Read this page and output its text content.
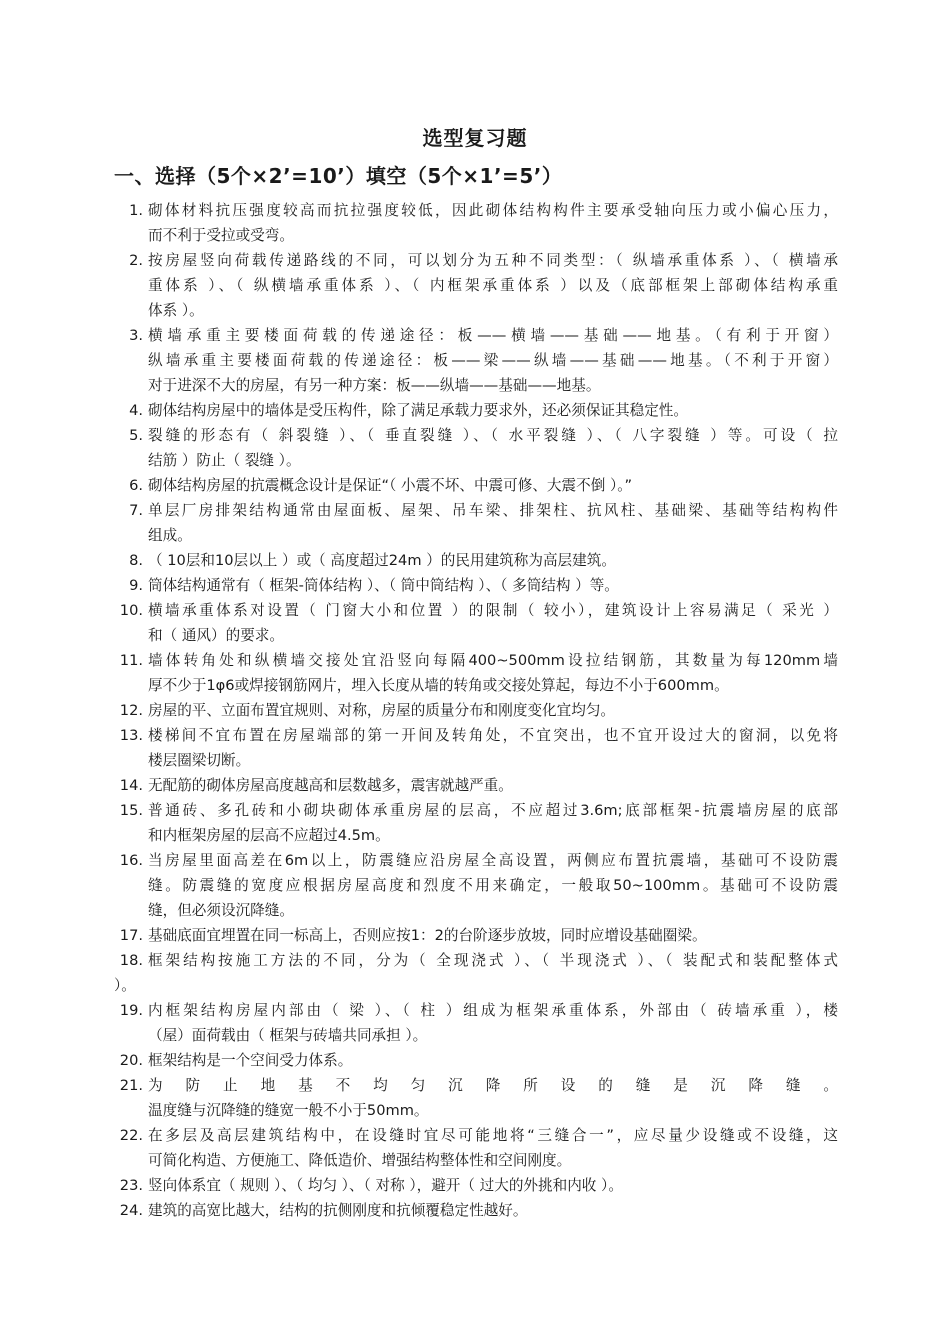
选型复习题
一、选择（5个×2’=10’）填空（5个×1’=5’）
1. 砌体材料抗压强度较高而抗拉强度较低，因此砌体结构构件主要承受轴向压力或小偏心压力，
而不利于受拉或受弯。
2. 按房屋竖向荷载传递路线的不同，可以划分为五种不同类型：（ 纵墙承重体系 ）、（ 横墙承
重体系 ）、（ 纵横墙承重体系 ）、（ 内框架承重体系 ）以及（底部框架上部砌体结构承重
体系 ）。
3. 横墙承重主要楼面荷载的传递途径：板——横墙——基础——地基。（有利于开窗）
纵墙承重主要楼面荷载的传递途径：板——梁——纵墙——基础——地基。（不利于开窗）
对于进深不大的房屋，有另一种方案：板——纵墙——基础——地基。
4. 砌体结构房屋中的墙体是受压构件，除了满足承载力要求外，还必须保证其稳定性。
5. 裂缝的形态有（ 斜裂缝 ）、（ 垂直裂缝 ）、（ 水平裂缝 ）、（ 八字裂缝 ）等。可设（ 拉
结筋 ）防止（ 裂缝 ）。
6. 砌体结构房屋的抗震概念设计是保证“（ 小震不坏、中震可修、大震不倒 ）。”
7. 单层厂房排架结构通常由屋面板、屋架、吊车梁、排架柱、抗风柱、基础梁、基础等结构构件
组成。
8. （ 10层和10层以上 ）或（ 高度超过24m ）的民用建筑称为高层建筑。
9. 筒体结构通常有（ 框架-筒体结构 ）、（ 筒中筒结构 ）、（ 多筒结构 ）等。
10. 横墙承重体系对设置（ 门窗大小和位置 ）的限制（ 较小），建筑设计上容易满足（ 采光 ）
和（ 通风）的要求。
11. 墙体转角处和纵横墙交接处宜沿竖向每隔400~500mm设拉结钢筋，其数量为每120mm墙
厚不少于1φ6或焊接钢筋网片，埋入长度从墙的转角或交接处算起，每边不小于600mm。
12. 房屋的平、立面布置宜规则、对称，房屋的质量分布和刚度变化宜均匀。
13. 楼梯间不宜布置在房屋端部的第一开间及转角处，不宜突出，也不宜开设过大的窗洞，以免将
楼层圈梁切断。
14. 无配筋的砌体房屋高度越高和层数越多，震害就越严重。
15. 普通砖、多孔砖和小砌块砌体承重房屋的层高，不应超过3.6m;底部框架-抗震墙房屋的底部
和内框架房屋的层高不应超过4.5m。
16. 当房屋里面高差在6m以上，防震缝应沿房屋全高设置，两侧应布置抗震墙，基础可不设防震
缝。防震缝的宽度应根据房屋高度和烈度不用来确定，一般取50~100mm。基础可不设防震
缝，但必须设沉降缝。
17. 基础底面宜埋置在同一标高上，否则应按1：2的台阶逐步放坡，同时应增设基础圈梁。
18. 框架结构按施工方法的不同，分为（ 全现浇式 ）、（ 半现浇式 ）、（ 装配式和装配整体式
）。
19. 内框架结构房屋内部由（ 梁 ）、（ 柱 ）组成为框架承重体系，外部由（ 砖墙承重 ），楼
（屋）面荷载由（ 框架与砖墙共同承担 ）。
20. 框架结构是一个空间受力体系。
21. 为防止地基不均匀沉降所设的缝是沉降缝。
温度缝与沉降缝的缝宽一般不小于50mm。
22. 在多层及高层建筑结构中，在设缝时宜尽可能地将“三缝合一”，应尽量少设缝或不设缝，这
可简化构造、方便施工、降低造价、增强结构整体性和空间刚度。
23. 竖向体系宜（ 规则 ）、（ 均匀 ）、（ 对称 ），避开（ 过大的外挑和内收 ）。
24. 建筑的高宽比越大，结构的抗侧刚度和抗倾覆稳定性越好。
